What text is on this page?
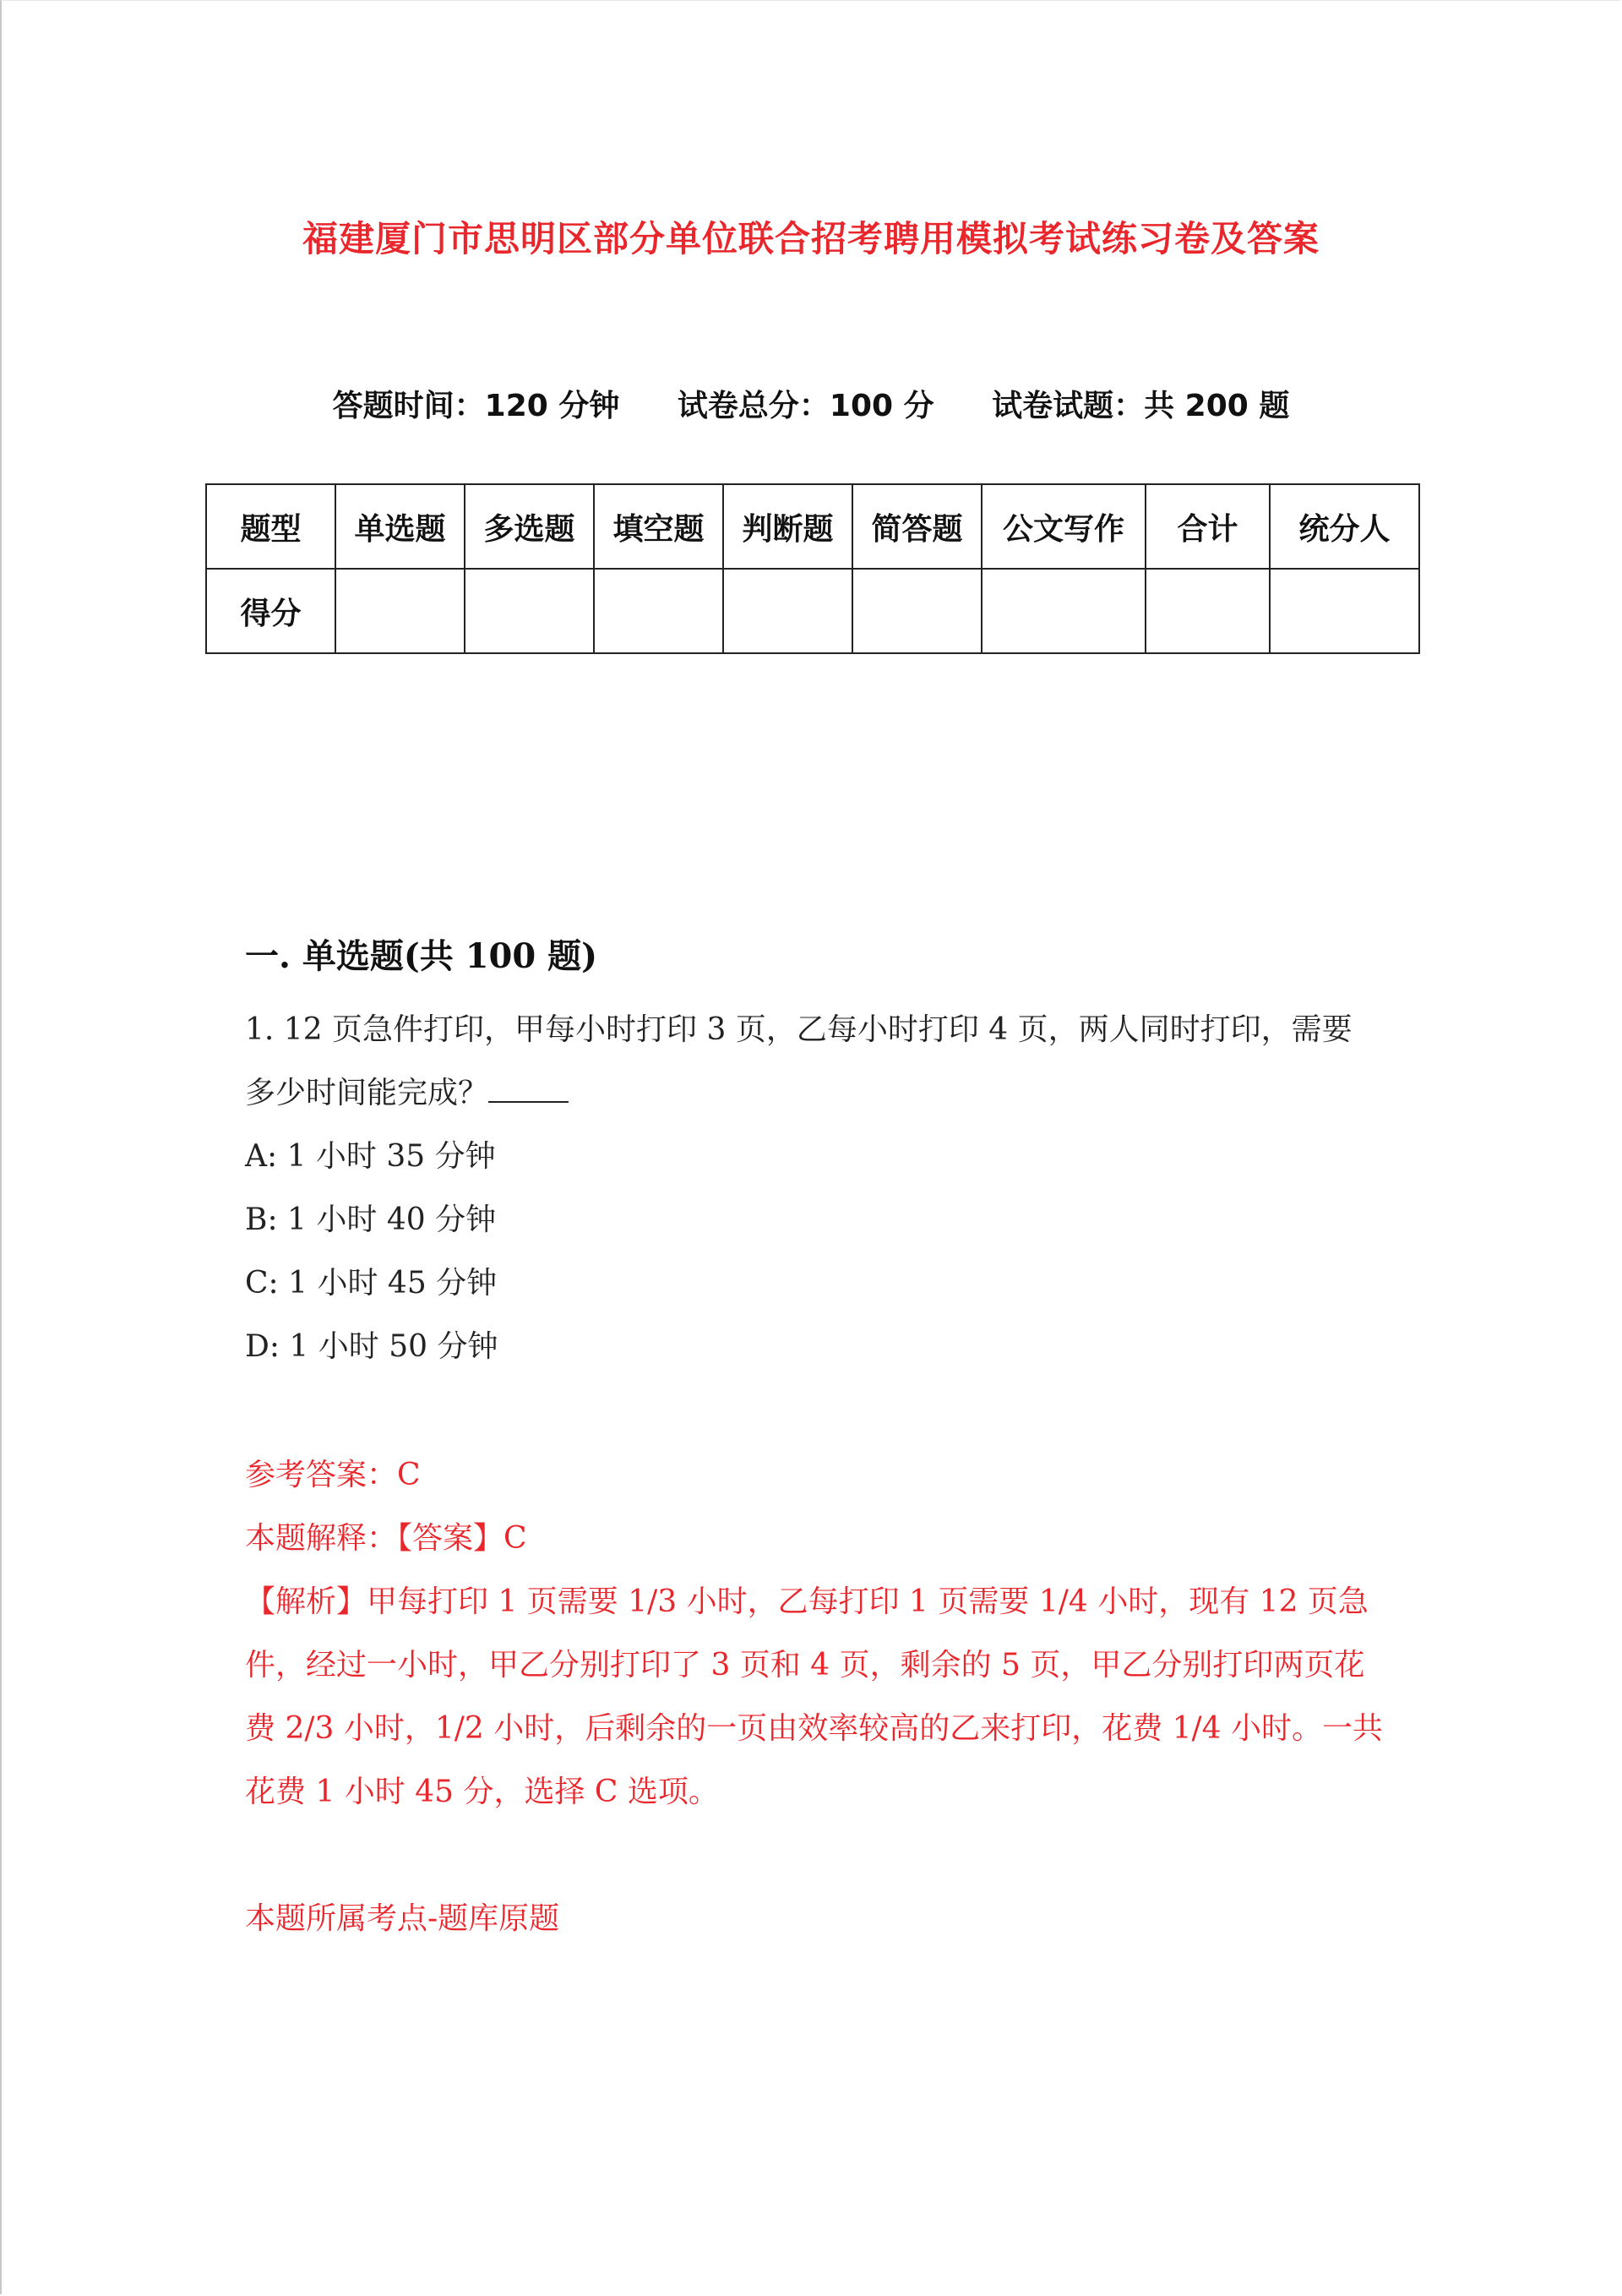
福建厦门市思明区部分单位联合招考聘用模拟考试练习卷及答案
答题时间：120 分钟 试卷总分：100 分 试卷试题：共 200 题
题型	单选题	多选题	填空题	判断题	简答题	公文写作	合计	统分人
得分								
一. 单选题(共 100 题)
1. 12 页急件打印，甲每小时打印 3 页，乙每小时打印 4 页，两人同时打印，需要多少时间能完成？
A: 1 小时 35 分钟
B: 1 小时 40 分钟
C: 1 小时 45 分钟
D: 1 小时 50 分钟
参考答案：C
本题解释：【答案】C
【解析】甲每打印 1 页需要 1/3 小时，乙每打印 1 页需要 1/4 小时，现有 12 页急件，经过一小时，甲乙分别打印了 3 页和 4 页，剩余的 5 页，甲乙分别打印两页花费 2/3 小时，1/2 小时，后剩余的一页由效率较高的乙来打印，花费 1/4 小时。一共花费 1 小时 45 分，选择 C 选项。
本题所属考点-题库原题
